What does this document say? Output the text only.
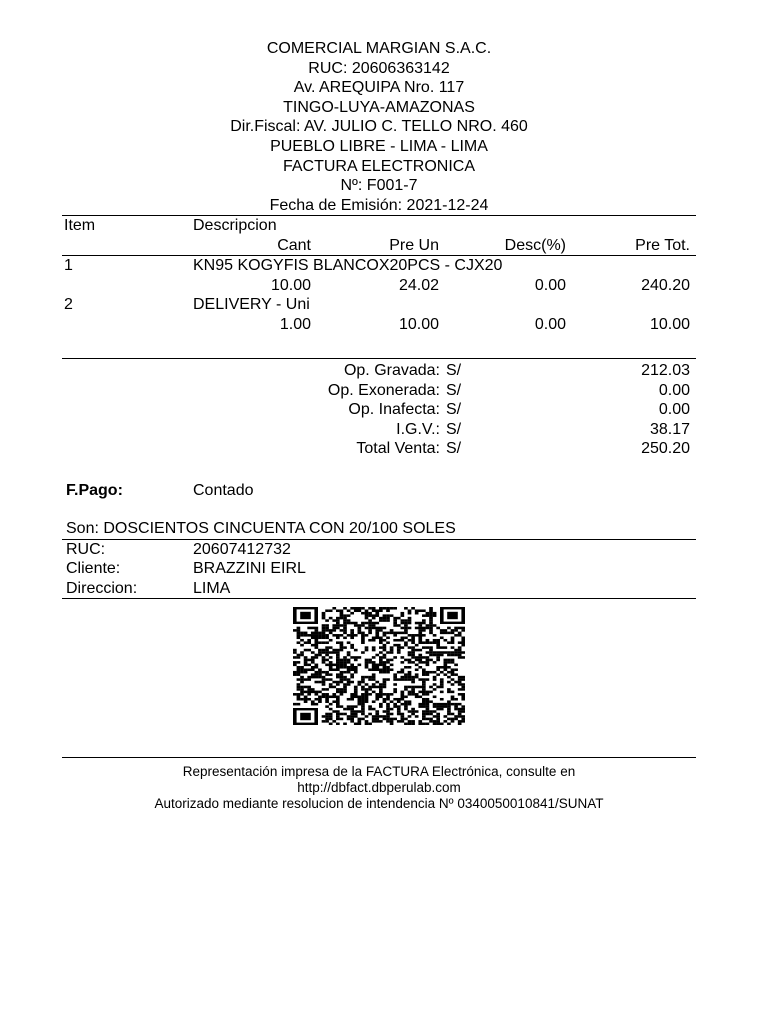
COMERCIAL MARGIAN S.A.C.
RUC: 20606363142
Av. AREQUIPA Nro. 117
TINGO-LUYA-AMAZONAS
Dir.Fiscal: AV. JULIO C. TELLO NRO. 460
PUEBLO LIBRE - LIMA - LIMA
FACTURA ELECTRONICA
Nº: F001-7
Fecha de Emisión: 2021-12-24
Item	Descripcion
Cant	Pre Un	Desc(%)	Pre Tot.
1	KN95 KOGYFIS BLANCOX20PCS - CJX20
10.00	24.02	0.00	240.20
2	DELIVERY - Uni
1.00	10.00	0.00	10.00
Op. Gravada: S/	212.03
Op. Exonerada: S/	0.00
Op. Inafecta: S/	0.00
I.G.V.: S/	38.17
Total Venta: S/	250.20
F.Pago:	Contado
Son: DOSCIENTOS CINCUENTA CON 20/100 SOLES
RUC:	20607412732
Cliente:	BRAZZINI EIRL
Direccion:	LIMA
Representación impresa de la FACTURA Electrónica, consulte en
http://dbfact.dbperulab.com
Autorizado mediante resolucion de intendencia Nº 034005001084​1/SUNAT
